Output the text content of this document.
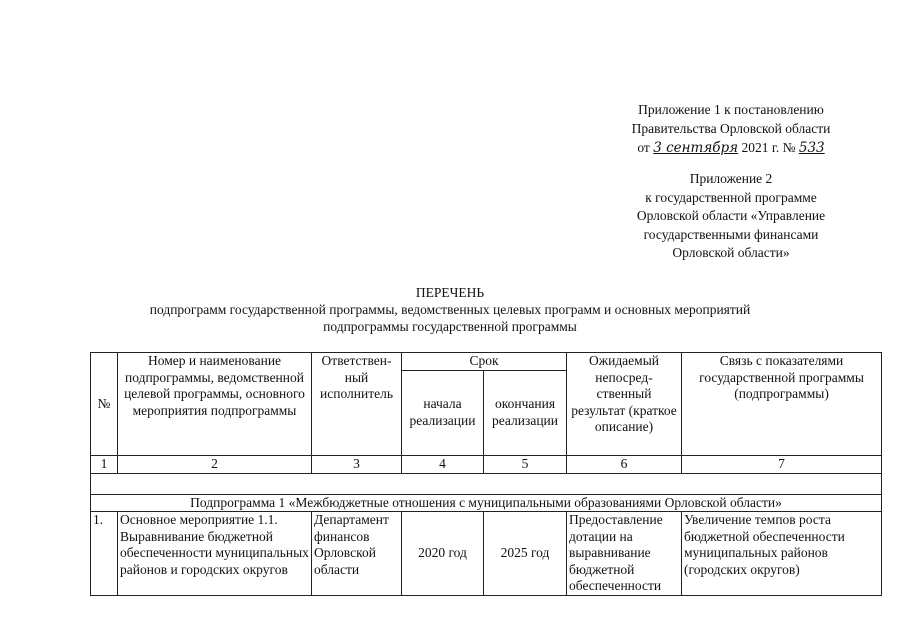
Приложение 1 к постановлению
Правительства Орловской области
от 3 сентября 2021 г. № 533
Приложение 2
к государственной программе
Орловской области «Управление
государственными финансами
Орловской области»
ПЕРЕЧЕНЬ
подпрограмм государственной программы, ведомственных целевых программ и основных мероприятий
подпрограммы государственной программы
№	Номер и наименование подпрограммы, ведомственной целевой программы, основного мероприятия подпрограммы	Ответствен-ный исполнитель	Срок		Ожидаемый непосред-ственный результат (краткое описание)	Связь с показателями государственной программы (подпрограммы)
			начала реализации	окончания реализации		
1	2	3	4	5	6	7

Подпрограмма 1 «Межбюджетные отношения с муниципальными образованиями Орловской области»						
1.	Основное мероприятие 1.1. Выравнивание бюджетной обеспеченности муниципальных районов и городских округов	Департамент финансов Орловской области	2020 год	2025 год	Предоставление дотации на выравнивание бюджетной обеспеченности	Увеличение темпов роста бюджетной обеспеченности муниципальных районов (городских округов)
